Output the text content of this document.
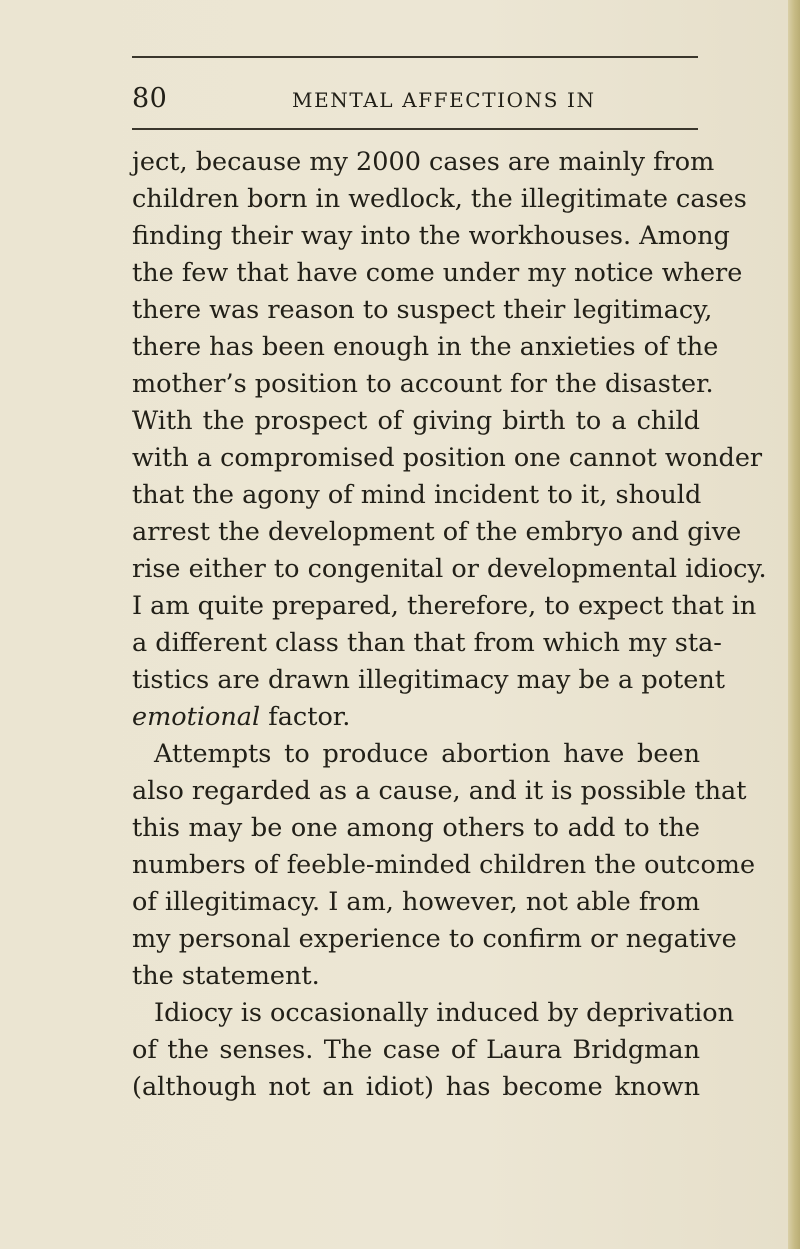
80	MENTAL AFFECTIONS IN
ject, because my 2000 cases are mainly from
children born in wedlock, the illegitimate cases
finding their way into the workhouses. Among
the few that have come under my notice where
there was reason to suspect their legitimacy,
there has been enough in the anxieties of the
mother’s position to account for the disaster.
With the prospect of giving birth to a child
with a compromised position one cannot wonder
that the agony of mind incident to it, should
arrest the development of the embryo and give
rise either to congenital or developmental idiocy.
I am quite prepared, therefore, to expect that in
a different class than that from which my sta-
tistics are drawn illegitimacy may be a potent
emotional factor.
Attempts to produce abortion have been
also regarded as a cause, and it is possible that
this may be one among others to add to the
numbers of feeble-minded children the outcome
of illegitimacy. I am, however, not able from
my personal experience to confirm or negative
the statement.
Idiocy is occasionally induced by deprivation
of the senses. The case of Laura Bridgman
(although not an idiot) has become known
